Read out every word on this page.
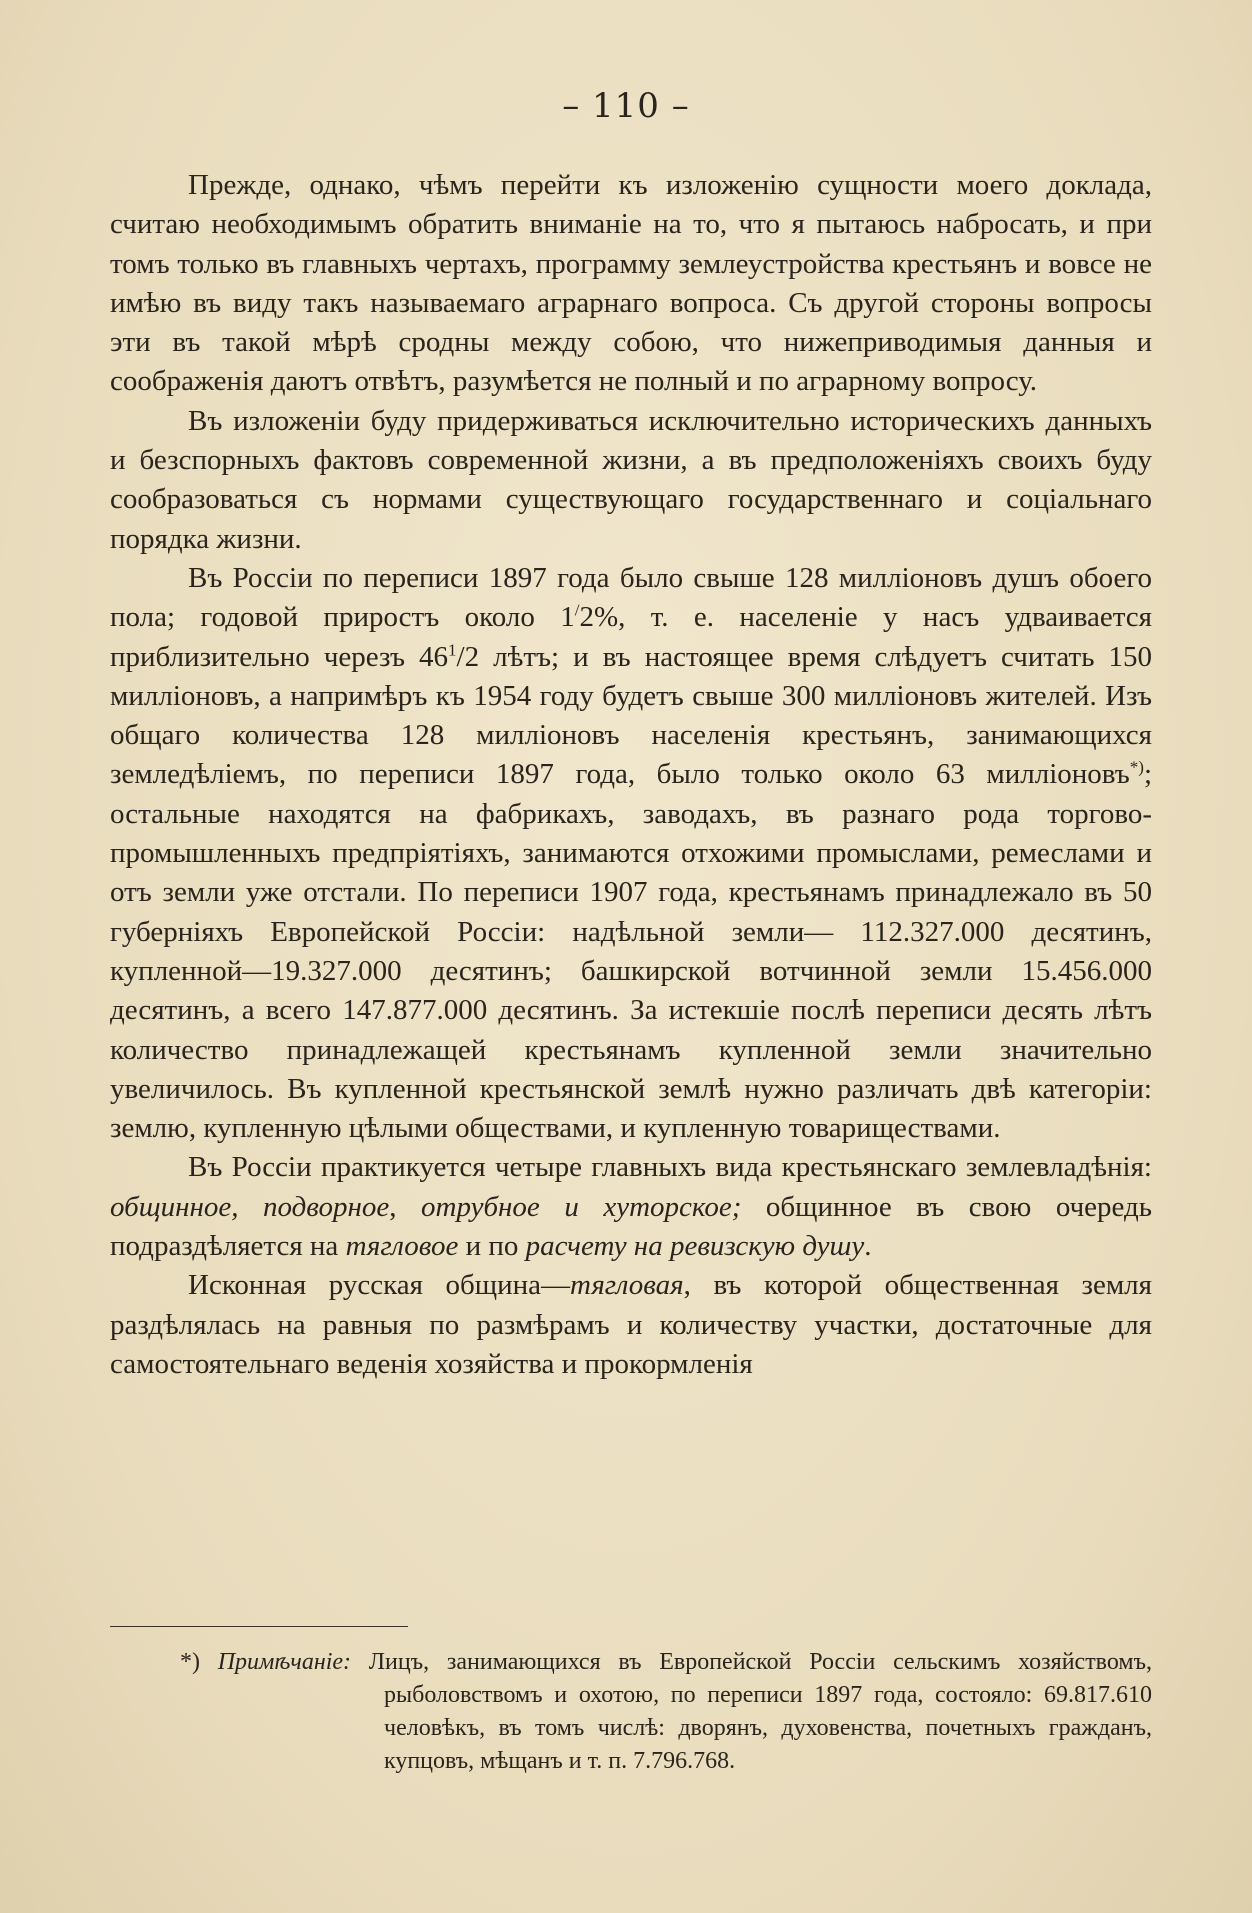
– 110 –

Прежде, однако, чѣмъ перейти къ изложенію сущности моего доклада, считаю необходимымъ обратить вниманіе на то, что я пытаюсь набросать, и при томъ только въ главныхъ чертахъ, программу землеустройства крестьянъ и вовсе не имѣю въ виду такъ называемаго аграрнаго вопроса. Съ другой стороны вопросы эти въ такой мѣрѣ сродны между собою, что нижеприводимыя данныя и соображенія даютъ отвѣтъ, разумѣется не полный и по аграрному вопросу.

Въ изложеніи буду придерживаться исключительно историческихъ данныхъ и безспорныхъ фактовъ современной жизни, а въ предположеніяхъ своихъ буду сообразоваться съ нормами существующаго государственнаго и соціальнаго порядка жизни.

Въ Россіи по переписи 1897 года было свыше 128 милліоновъ душъ обоего пола; годовой приростъ около 1/2%, т. е. населеніе у насъ удваивается приблизительно черезъ $46^1/2$ лѣтъ; и въ настоящее время слѣдуетъ считать 150 милліоновъ, а напримѣръ къ 1954 году будетъ свыше 300 милліоновъ жителей. Изъ общаго количества 128 милліоновъ населенія крестьянъ, занимающихся земледѣліемъ, по переписи 1897 года, было только около 63 милліоновъ*); остальные находятся на фабрикахъ, заводахъ, въ разнаго рода торгово-промышленныхъ предпріятіяхъ, занимаются отхожими промыслами, ремеслами и отъ земли уже отстали. По переписи 1907 года, крестьянамъ принадлежало въ 50 губерніяхъ Европейской Россіи: надѣльной земли— 112.327.000 десятинъ, купленной—19.327.000 десятинъ; башкирской вотчинной земли 15.456.000 десятинъ, а всего 147.877.000 десятинъ. За истекшіе послѣ переписи десять лѣтъ количество принадлежащей крестьянамъ купленной земли значительно увеличилось. Въ купленной крестьянской землѣ нужно различать двѣ категоріи: землю, купленную цѣлыми обществами, и купленную товариществами.

Въ Россіи практикуется четыре главныхъ вида крестьянскаго землевладѣнія: общинное, подворное, отрубное и хуторское; общинное въ свою очередь подраздѣляется на тягловое и по расчету на ревизскую душу.

Исконная русская община—тягловая, въ которой общественная земля раздѣлялась на равныя по размѣрамъ и количеству участки, достаточные для самостоятельнаго веденія хозяйства и прокормленія

*) Примѣчаніе: Лицъ, занимающихся въ Европейской Россіи сельскимъ хозяйствомъ, рыболовствомъ и охотою, по переписи 1897 года, состояло: 69.817.610 человѣкъ, въ томъ числѣ: дворянъ, духовенства, почетныхъ гражданъ, купцовъ, мѣщанъ и т. п. 7.796.768.
